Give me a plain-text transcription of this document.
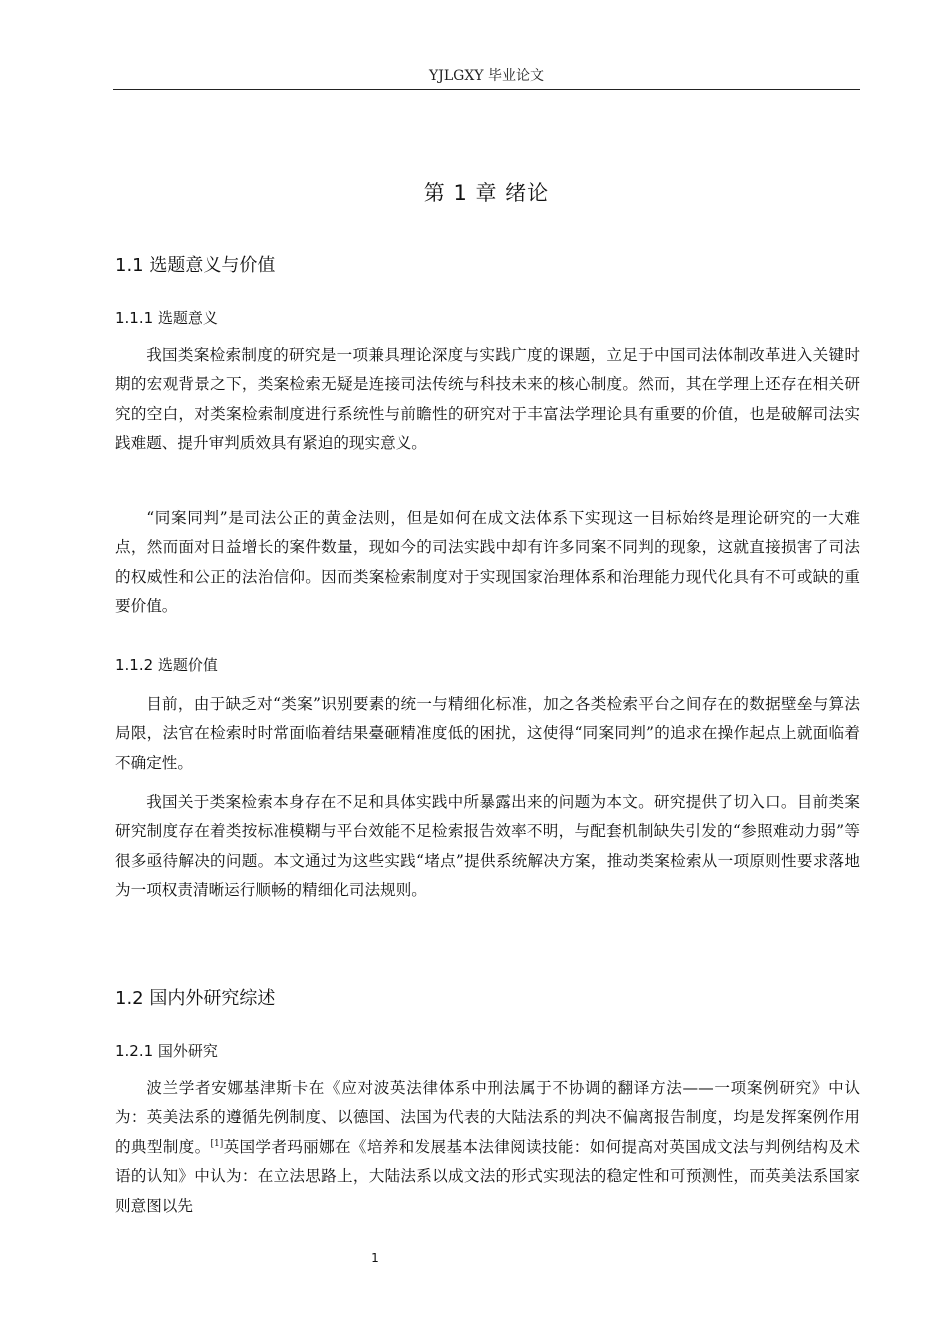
YJLGXY 毕业论文
第 1 章 绪论
1.1 选题意义与价值
1.1.1 选题意义

我国类案检索制度的研究是一项兼具理论深度与实践广度的课题，立足于中国司法体制改革进入关键时期的宏观背景之下，类案检索无疑是连接司法传统与科技未来的核心制度。然而，其在学理上还存在相关研究的空白，对类案检索制度进行系统性与前瞻性的研究对于丰富法学理论具有重要的价值，也是破解司法实践难题、提升审判质效具有紧迫的现实意义。

“同案同判”是司法公正的黄金法则，但是如何在成文法体系下实现这一目标始终是理论研究的一大难点，然而面对日益增长的案件数量，现如今的司法实践中却有许多同案不同判的现象，这就直接损害了司法的权威性和公正的法治信仰。因而类案检索制度对于实现国家治理体系和治理能力现代化具有不可或缺的重要价值。

1.1.2 选题价值

目前，由于缺乏对“类案”识别要素的统一与精细化标准，加之各类检索平台之间存在的数据壁垒与算法局限，法官在检索时时常面临着结果臺砸精准度低的困扰，这使得“同案同判”的追求在操作起点上就面临着不确定性。

我国关于类案检索本身存在不足和具体实践中所暴露出来的问题为本文。研究提供了切入口。目前类案研究制度存在着类按标准模糊与平台效能不足检索报告效率不明，与配套机制缺失引发的“参照难动力弱”等很多亟待解决的问题。本文通过为这些实践“堵点”提供系统解决方案，推动类案检索从一项原则性要求落地为一项权责清晰运行顺畅的精细化司法规则。

1.2 国内外研究综述
1.2.1 国外研究

波兰学者安娜基津斯卡在《应对波英法律体系中刑法属于不协调的翻译方法——一项案例研究》中认为：英美法系的遵循先例制度、以德国、法国为代表的大陆法系的判决不偏离报告制度，均是发挥案例作用的典型制度。[1]英国学者玛丽娜在《培养和发展基本法律阅读技能：如何提高对英国成文法与判例结构及术语的认知》中认为：在立法思路上，大陆法系以成文法的形式实现法的稳定性和可预测性，而英美法系国家则意图以先

1
